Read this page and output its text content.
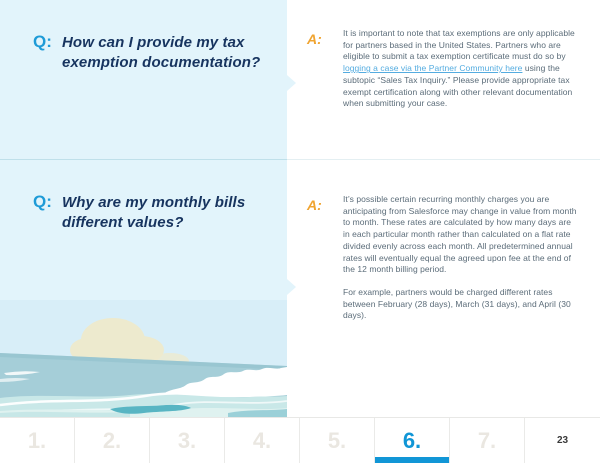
Q: How can I provide my tax exemption documentation?
Q: Why are my monthly bills different values?
A: It is important to note that tax exemptions are only applicable for partners based in the United States. Partners who are eligible to submit a tax exemption certificate must do so by logging a case via the Partner Community here using the subtopic “Sales Tax Inquiry.” Please provide appropriate tax exempt certification along with other relevant documentation when submitting your case.

A: It’s possible certain recurring monthly charges you are anticipating from Salesforce may change in value from month to month. These rates are calculated by how many days are in each particular month rather than calculated on a flat rate divided evenly across each month. All predetermined annual rates will eventually equal the agreed upon fee at the end of the 12 month billing period.

For example, partners would be charged different rates between February (28 days), March (31 days), and April (30 days).

1.	2.	3.	4.	5.	6.	7.	23
